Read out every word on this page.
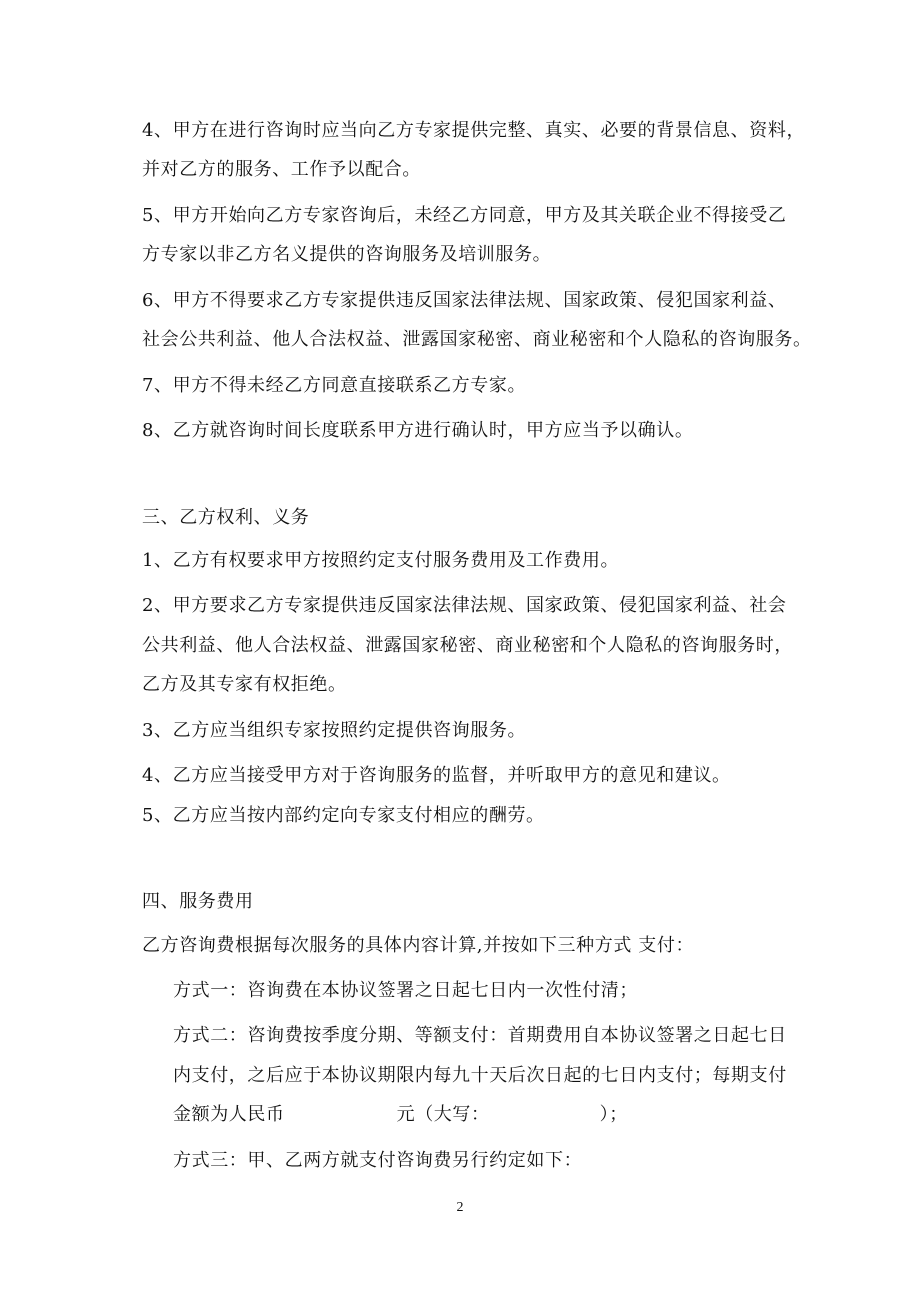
4、甲方在进行咨询时应当向乙方专家提供完整、真实、必要的背景信息、资料，
并对乙方的服务、工作予以配合。
5、甲方开始向乙方专家咨询后，未经乙方同意，甲方及其关联企业不得接受乙
方专家以非乙方名义提供的咨询服务及培训服务。
6、甲方不得要求乙方专家提供违反国家法律法规、国家政策、侵犯国家利益、
社会公共利益、他人合法权益、泄露国家秘密、商业秘密和个人隐私的咨询服务。
7、甲方不得未经乙方同意直接联系乙方专家。
8、乙方就咨询时间长度联系甲方进行确认时，甲方应当予以确认。
三、乙方权利、义务
1、乙方有权要求甲方按照约定支付服务费用及工作费用。
2、甲方要求乙方专家提供违反国家法律法规、国家政策、侵犯国家利益、社会
公共利益、他人合法权益、泄露国家秘密、商业秘密和个人隐私的咨询服务时，
乙方及其专家有权拒绝。
3、乙方应当组织专家按照约定提供咨询服务。
4、乙方应当接受甲方对于咨询服务的监督，并听取甲方的意见和建议。
5、乙方应当按内部约定向专家支付相应的酬劳。
四、服务费用
乙方咨询费根据每次服务的具体内容计算,并按如下三种方式 支付：
方式一：咨询费在本协议签署之日起七日内一次性付清；
方式二：咨询费按季度分期、等额支付：首期费用自本协议签署之日起七日
内支付，之后应于本协议期限内每九十天后次日起的七日内支付；每期支付
金额为人民币	元（大写：	）；
方式三：甲、乙两方就支付咨询费另行约定如下：
2
